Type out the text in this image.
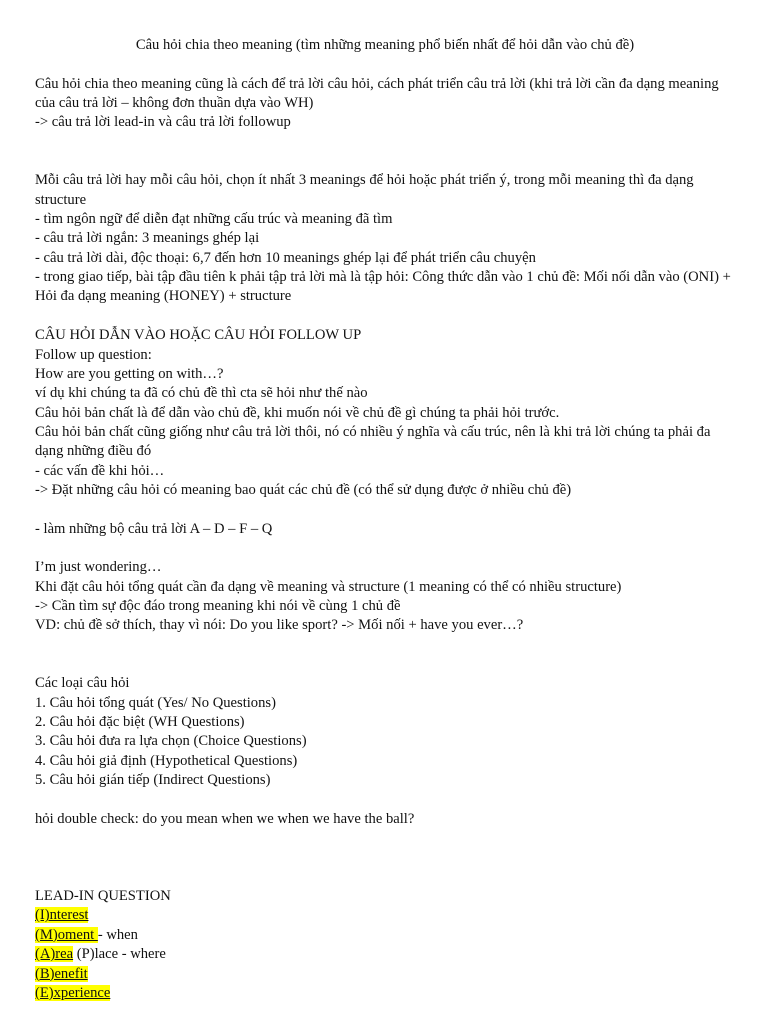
Câu hỏi chia theo meaning (tìm những meaning phổ biến nhất để hỏi dẫn vào chủ đề)
Câu hỏi chia theo meaning cũng là cách để trả lời câu hỏi, cách phát triển câu trả lời (khi trả lời cần đa dạng meaning của câu trả lời – không đơn thuần dựa vào WH)
-> câu trả lời lead-in và câu trả lời followup
Mỗi câu trả lời hay mỗi câu hỏi, chọn ít nhất 3 meanings để hỏi hoặc phát triển ý, trong mỗi meaning thì đa dạng structure
- tìm ngôn ngữ để diễn đạt những cấu trúc và meaning đã tìm
- câu trả lời ngắn: 3 meanings ghép lại
- câu trả lời dài, độc thoại: 6,7 đến hơn 10 meanings ghép lại để phát triển câu chuyện
- trong giao tiếp, bài tập đầu tiên k phải tập trả lời mà là tập hỏi: Công thức dẫn vào 1 chủ đề: Mối nối dẫn vào (ONI) + Hỏi đa dạng meaning (HONEY) + structure
CÂU HỎI DẪN VÀO HOẶC CÂU HỎI FOLLOW UP
Follow up question:
How are you getting on with…?
ví dụ khi chúng ta đã có chủ đề thì cta sẽ hỏi như thế nào
Câu hỏi bản chất là để dẫn vào chủ đề, khi muốn nói về chủ đề gì chúng ta phải hỏi trước.
Câu hỏi bản chất cũng giống như câu trả lời thôi, nó có nhiều ý nghĩa và cấu trúc, nên là khi trả lời chúng ta phải đa dạng những điều đó
- các vấn đề khi hỏi…
-> Đặt những câu hỏi có meaning bao quát các chủ đề (có thể sử dụng được ở nhiều chủ đề)
- làm những bộ câu trả lời A – D – F – Q
I’m just wondering…
Khi đặt câu hỏi tổng quát cần đa dạng về meaning và structure (1 meaning có thể có nhiều structure)
-> Cần tìm sự độc đáo trong meaning khi nói về cùng 1 chủ đề
VD: chủ đề sở thích, thay vì nói: Do you like sport? -> Mối nối + have you ever…?
Các loại câu hỏi
1. Câu hỏi tổng quát (Yes/ No Questions)
2. Câu hỏi đặc biệt (WH Questions)
3. Câu hỏi đưa ra lựa chọn (Choice Questions)
4. Câu hỏi giả định (Hypothetical Questions)
5. Câu hỏi gián tiếp (Indirect Questions)
hỏi double check: do you mean when we when we have the ball?
LEAD-IN QUESTION
(I)nterest
(M)oment - when
(A)rea (P)lace - where
(B)enefit
(E)xperience
